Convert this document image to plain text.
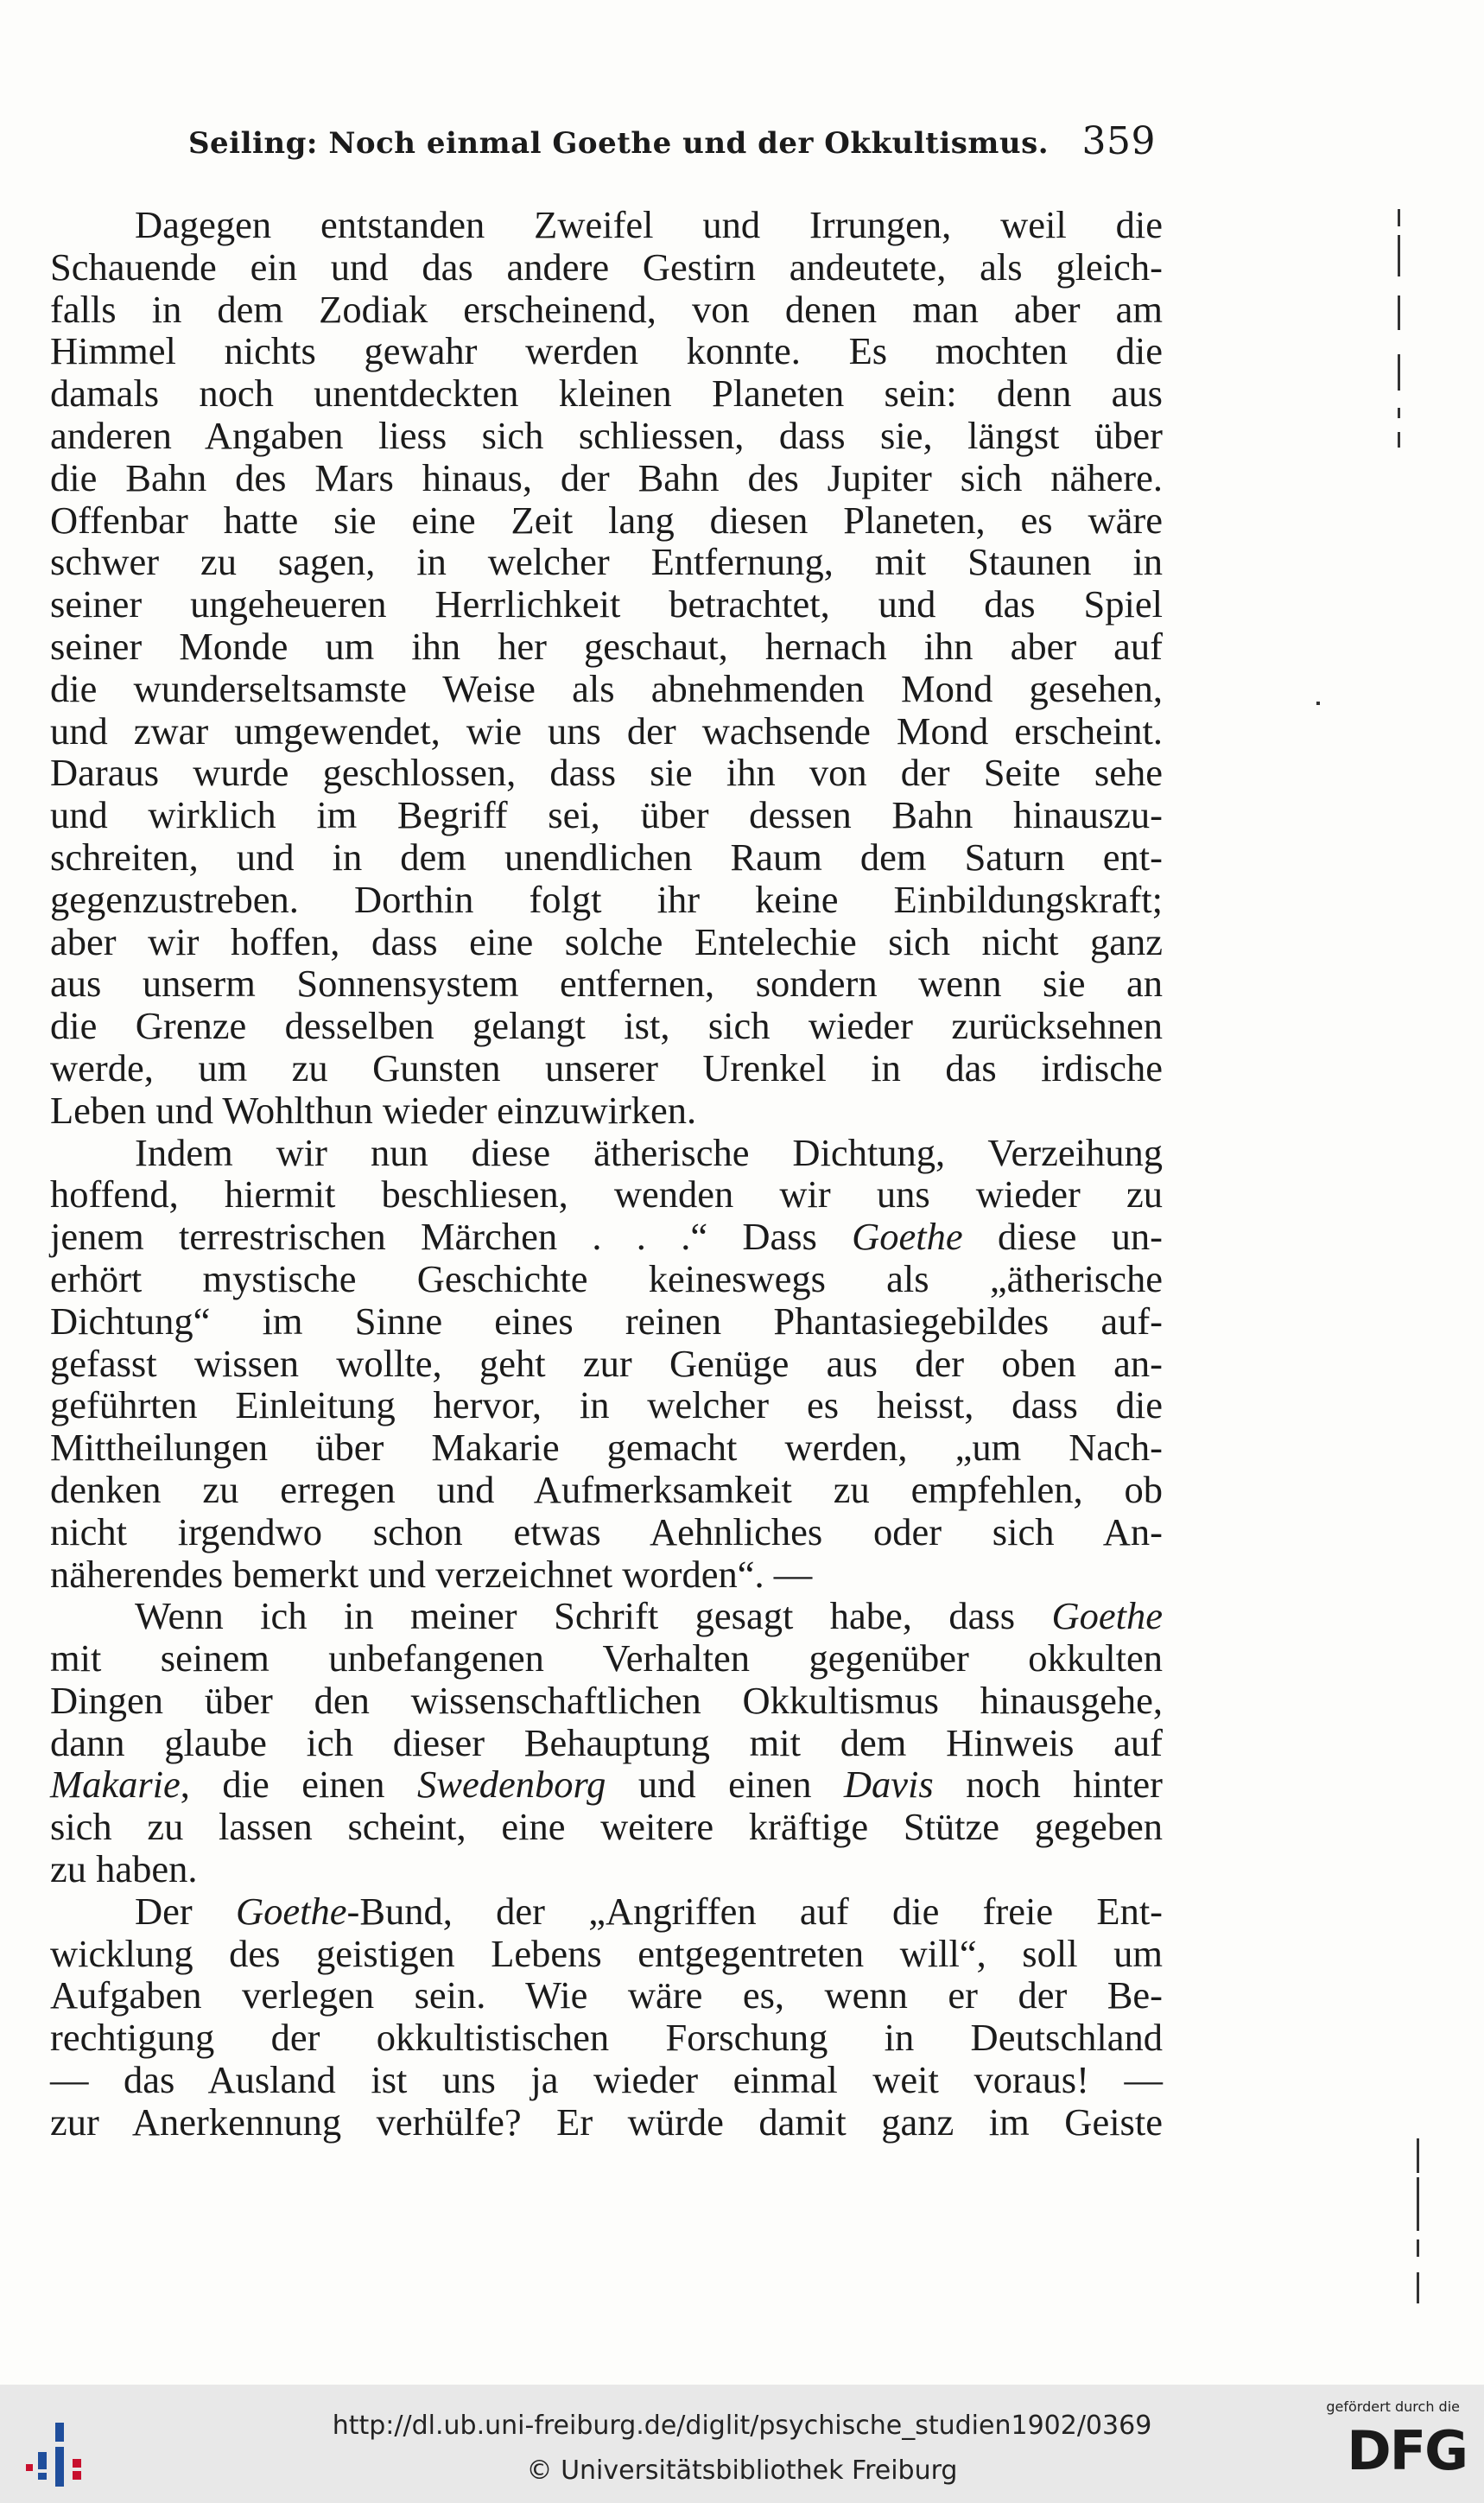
Seiling: Noch einmal Goethe und der Okkultismus. 359
Dagegen entstanden Zweifel und Irrungen, weil die
Schauende ein und das andere Gestirn andeutete, als gleich-
falls in dem Zodiak erscheinend, von denen man aber am
Himmel nichts gewahr werden konnte. Es mochten die
damals noch unentdeckten kleinen Planeten sein: denn aus
anderen Angaben liess sich schliessen, dass sie, längst über
die Bahn des Mars hinaus, der Bahn des Jupiter sich nähere.
Offenbar hatte sie eine Zeit lang diesen Planeten, es wäre
schwer zu sagen, in welcher Entfernung, mit Staunen in
seiner ungeheueren Herrlichkeit betrachtet, und das Spiel
seiner Monde um ihn her geschaut, hernach ihn aber auf
die wunderseltsamste Weise als abnehmenden Mond gesehen,
und zwar umgewendet, wie uns der wachsende Mond erscheint.
Daraus wurde geschlossen, dass sie ihn von der Seite sehe
und wirklich im Begriff sei, über dessen Bahn hinauszu-
schreiten, und in dem unendlichen Raum dem Saturn ent-
gegenzustreben. Dorthin folgt ihr keine Einbildungskraft;
aber wir hoffen, dass eine solche Entelechie sich nicht ganz
aus unserm Sonnensystem entfernen, sondern wenn sie an
die Grenze desselben gelangt ist, sich wieder zurücksehnen
werde, um zu Gunsten unserer Urenkel in das irdische
Leben und Wohlthun wieder einzuwirken.
Indem wir nun diese ätherische Dichtung, Verzeihung
hoffend, hiermit beschliesen, wenden wir uns wieder zu
jenem terrestrischen Märchen . . .“ Dass Goethe diese un-
erhört mystische Geschichte keineswegs als „ätherische
Dichtung“ im Sinne eines reinen Phantasiegebildes auf-
gefasst wissen wollte, geht zur Genüge aus der oben an-
geführten Einleitung hervor, in welcher es heisst, dass die
Mittheilungen über Makarie gemacht werden, „um Nach-
denken zu erregen und Aufmerksamkeit zu empfehlen, ob
nicht irgendwo schon etwas Aehnliches oder sich An-
näherendes bemerkt und verzeichnet worden“. —
Wenn ich in meiner Schrift gesagt habe, dass Goethe
mit seinem unbefangenen Verhalten gegenüber okkulten
Dingen über den wissenschaftlichen Okkultismus hinausgehe,
dann glaube ich dieser Behauptung mit dem Hinweis auf
Makarie, die einen Swedenborg und einen Davis noch hinter
sich zu lassen scheint, eine weitere kräftige Stütze gegeben
zu haben.
Der Goethe-Bund, der „Angriffen auf die freie Ent-
wicklung des geistigen Lebens entgegentreten will“, soll um
Aufgaben verlegen sein. Wie wäre es, wenn er der Be-
rechtigung der okkultistischen Forschung in Deutschland
— das Ausland ist uns ja wieder einmal weit voraus! —
zur Anerkennung verhülfe? Er würde damit ganz im Geiste
http://dl.ub.uni-freiburg.de/diglit/psychische_studien1902/0369
© Universitätsbibliothek Freiburg
gefördert durch die
DFG
